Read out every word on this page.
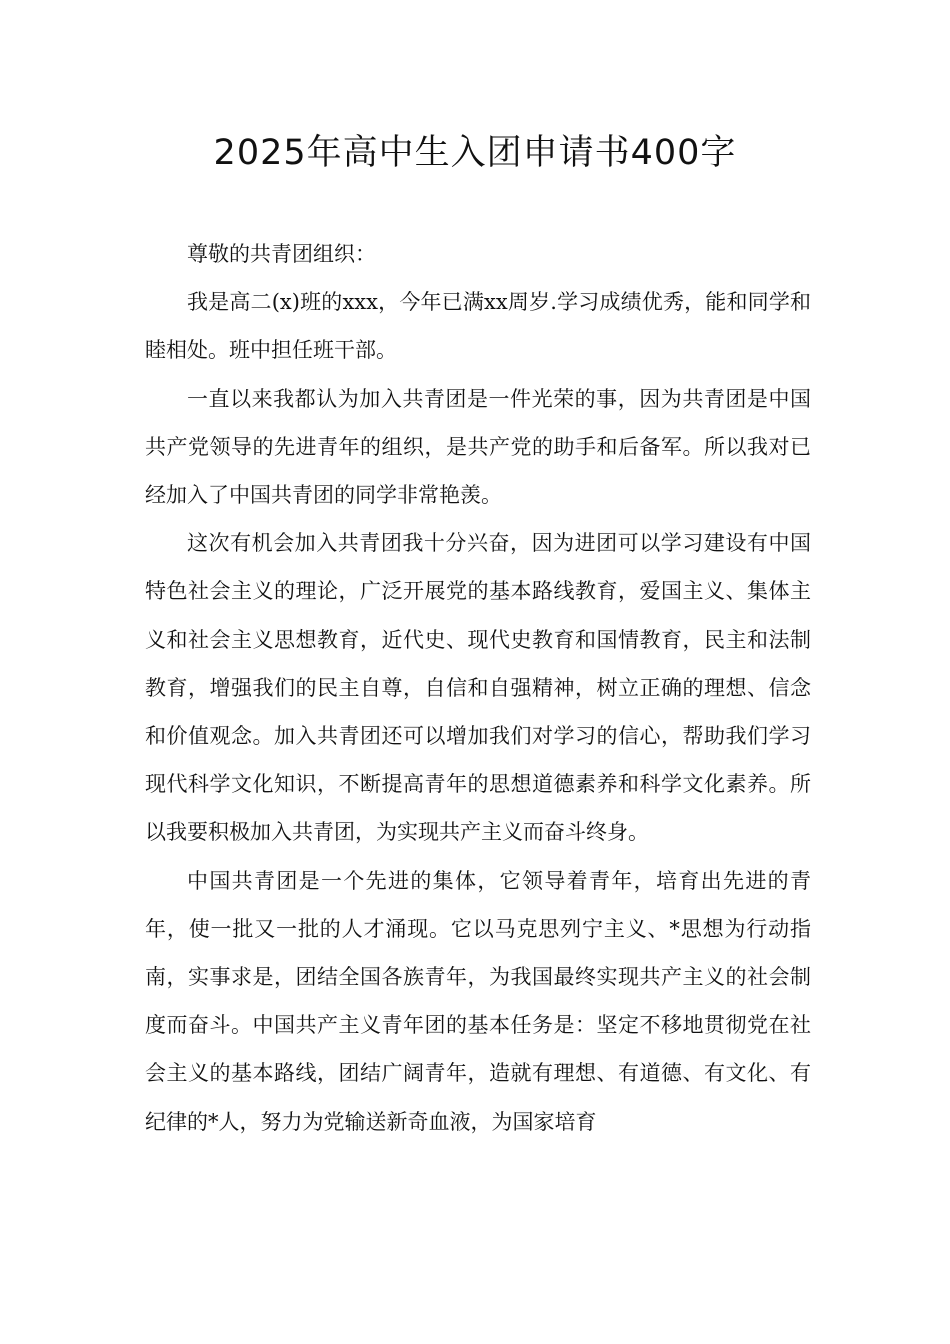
2025年高中生入团申请书400字

尊敬的共青团组织：

我是高二(x)班的xxx，今年已满xx周岁.学习成绩优秀，能和同学和睦相处。班中担任班干部。

一直以来我都认为加入共青团是一件光荣的事，因为共青团是中国共产党领导的先进青年的组织，是共产党的助手和后备军。所以我对已经加入了中国共青团的同学非常艳羡。

这次有机会加入共青团我十分兴奋，因为进团可以学习建设有中国特色社会主义的理论，广泛开展党的基本路线教育，爱国主义、集体主义和社会主义思想教育，近代史、现代史教育和国情教育，民主和法制教育，增强我们的民主自尊，自信和自强精神，树立正确的理想、信念和价值观念。加入共青团还可以增加我们对学习的信心，帮助我们学习现代科学文化知识，不断提高青年的思想道德素养和科学文化素养。所以我要积极加入共青团，为实现共产主义而奋斗终身。

中国共青团是一个先进的集体，它领导着青年，培育出先进的青年，使一批又一批的人才涌现。它以马克思列宁主义、*思想为行动指南，实事求是，团结全国各族青年，为我国最终实现共产主义的社会制度而奋斗。中国共产主义青年团的基本任务是：坚定不移地贯彻党在社会主义的基本路线，团结广阔青年，造就有理想、有道德、有文化、有纪律的*人，努力为党输送新奇血液，为国家培育
